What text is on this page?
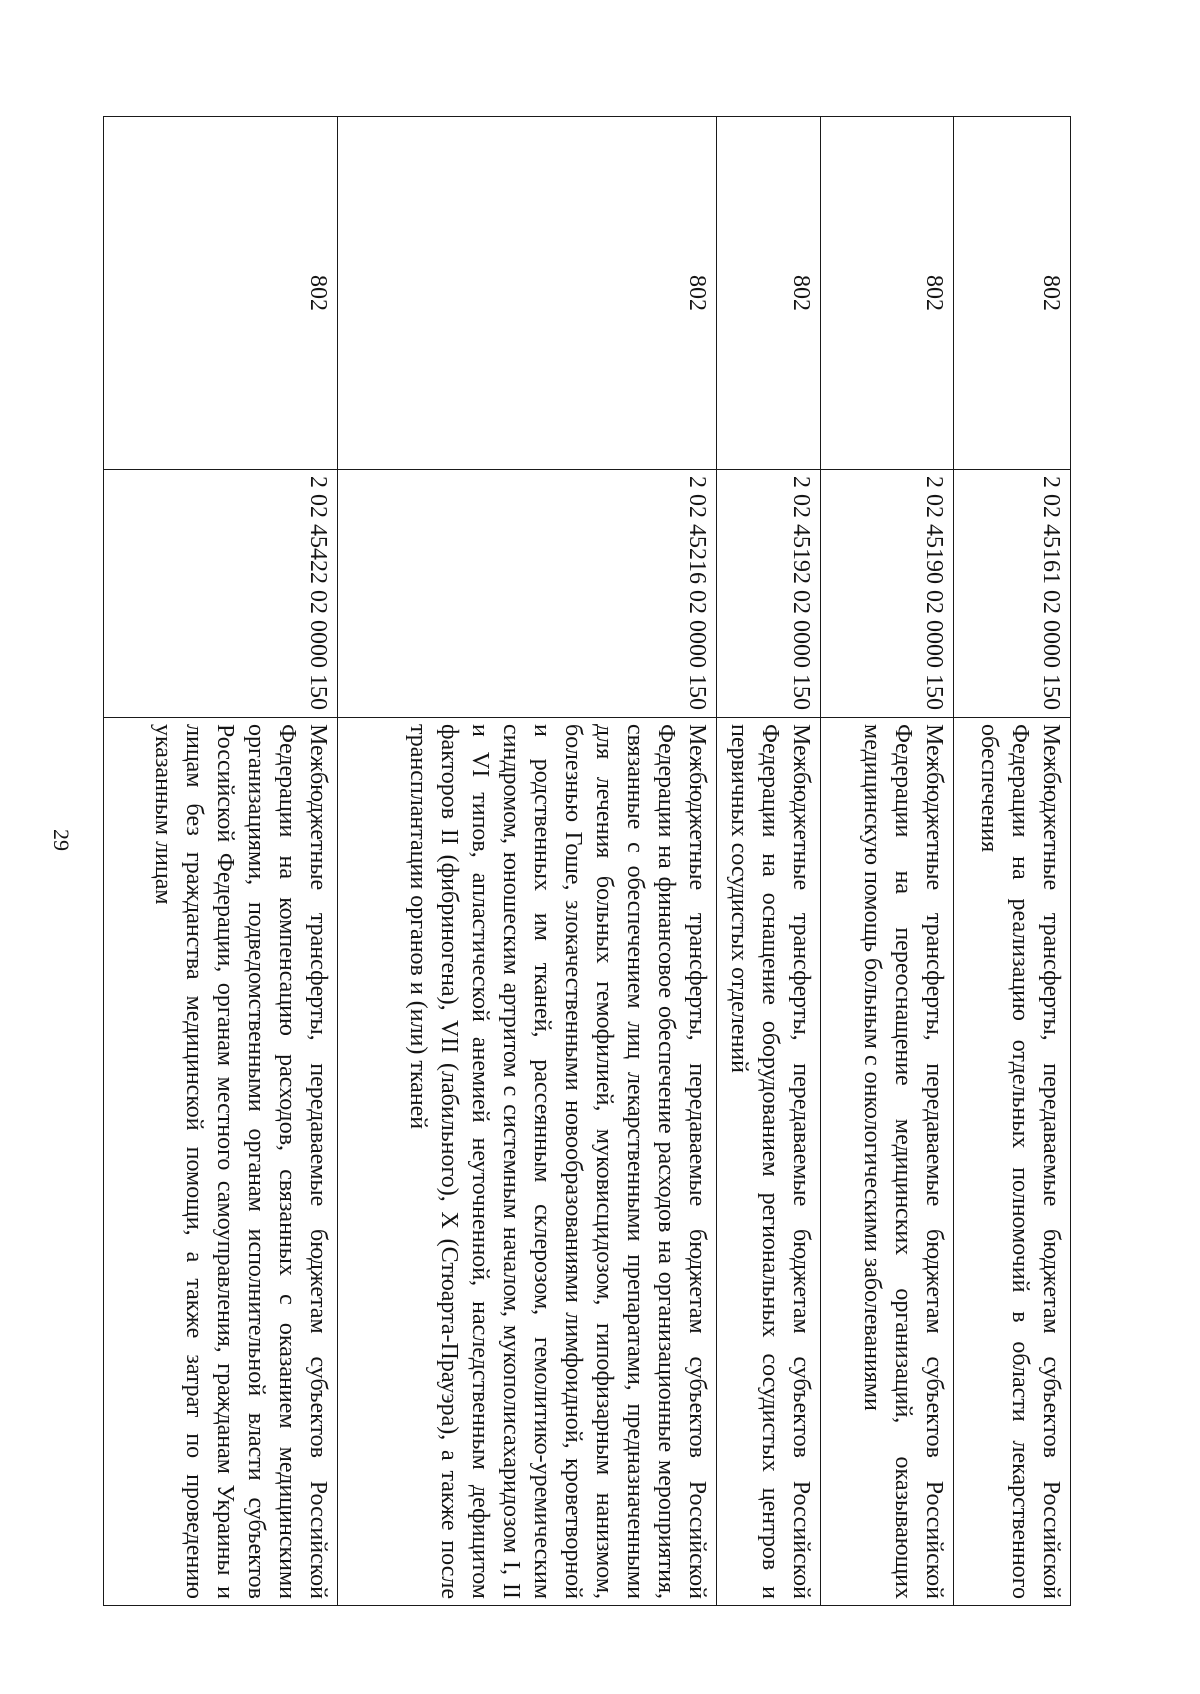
29
802	2 02 45161 02 0000 150	Межбюджетные трансферты, передаваемые бюджетам субъектов Российской Федерации на реализацию отдельных полномочий в области лекарственного обеспечения
802	2 02 45190 02 0000 150	Межбюджетные трансферты, передаваемые бюджетам субъектов Российской Федерации на переоснащение медицинских организаций, оказывающих медицинскую помощь больным с онкологическими заболеваниями
802	2 02 45192 02 0000 150	Межбюджетные трансферты, передаваемые бюджетам субъектов Российской Федерации на оснащение оборудованием региональных сосудистых центров и первичных сосудистых отделений
802	2 02 45216 02 0000 150	Межбюджетные трансферты, передаваемые бюджетам субъектов Российской Федерации на финансовое обеспечение расходов на организационные мероприятия, связанные с обеспечением лиц лекарственными препаратами, предназначенными для лечения больных гемофилией, муковисцидозом, гипофизарным нанизмом, болезнью Гоше, злокачественными новообразованиями лимфоидной, кроветворной и родственных им тканей, рассеянным склерозом, гемолитико-уремическим синдромом, юношеским артритом с системным началом, мукополисахаридозом I, II и VI типов, апластической анемией неуточненной, наследственным дефицитом факторов II (фибриногена), VII (лабильного), X (Стюарта-Прауэра), а также после трансплантации органов и (или) тканей
802	2 02 45422 02 0000 150	Межбюджетные трансферты, передаваемые бюджетам субъектов Российской Федерации на компенсацию расходов, связанных с оказанием медицинскими организациями, подведомственными органам исполнительной власти субъектов Российской Федерации, органам местного самоуправления, гражданам Украины и лицам без гражданства медицинской помощи, а также затрат по проведению указанным лицам
